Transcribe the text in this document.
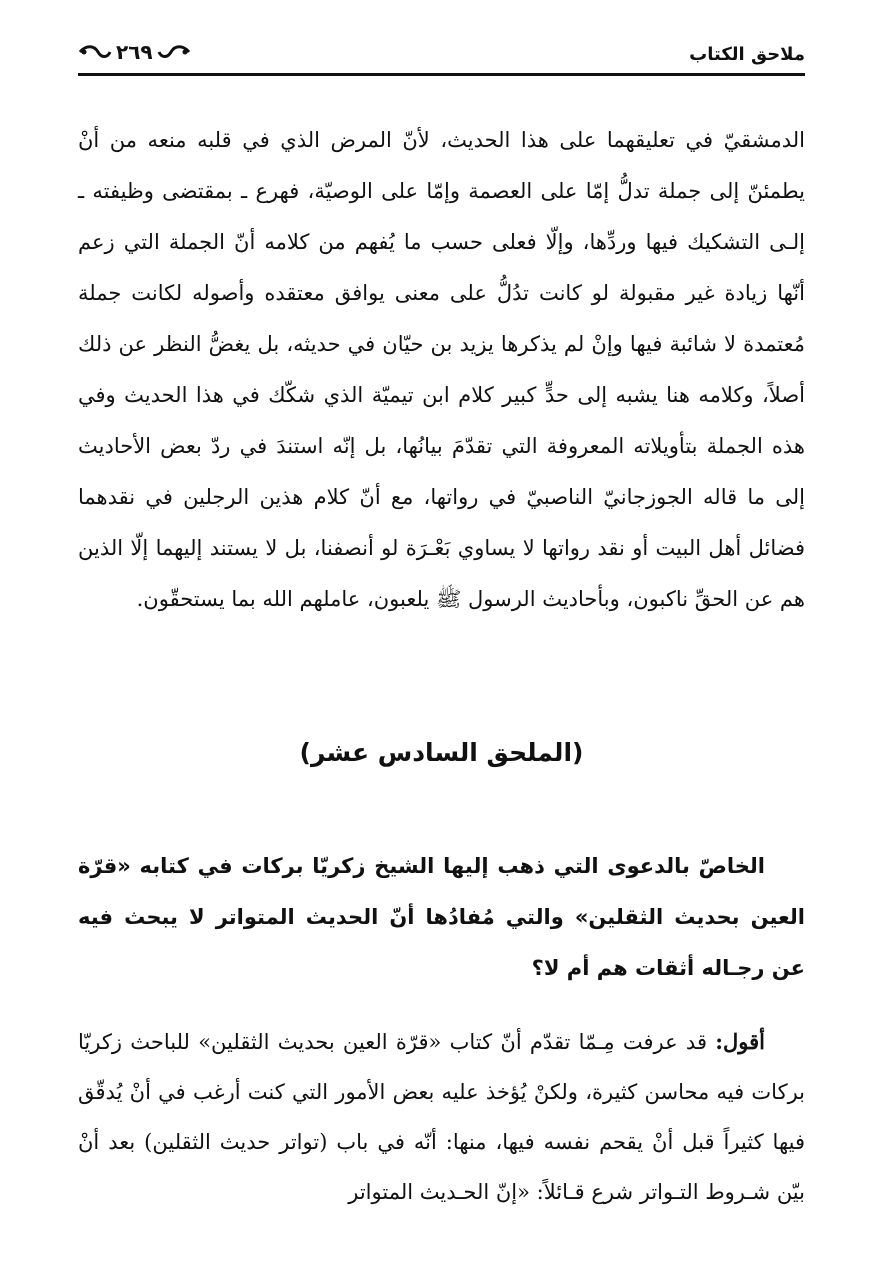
ملاحق الكتاب
٢٦٩

الدمشقيّ في تعليقهما على هذا الحديث، لأنّ المرض الذي في قلبه منعه من أنْ يطمئنّ إلى جملة تدلُّ إمّا على العصمة وإمّا على الوصيّة، فهرع ـ بمقتضى وظيفته ـ إلـى التشكيك فيها وردِّها، وإلّا فعلى حسب ما يُفهم من كلامه أنّ الجملة التي زعم أنّها زيادة غير مقبولة لو كانت تدُلُّ على معنى يوافق معتقده وأصوله لكانت جملة مُعتمدة لا شائبة فيها وإنْ لم يذكرها يزيد بن حيّان في حديثه، بل يغضُّ النظر عن ذلك أصلاً، وكلامه هنا يشبه إلى حدٍّ كبير كلام ابن تيميّة الذي شكّك في هذا الحديث وفي هذه الجملة بتأويلاته المعروفة التي تقدّمَ بيانُها، بل إنّه استندَ في ردّ بعض الأحاديث إلى ما قاله الجوزجانيّ الناصبيّ في رواتها، مع أنّ كلام هذين الرجلين في نقدهما فضائل أهل البيت أو نقد رواتها لا يساوي بَعْـرَة لو أنصفنا، بل لا يستند إليهما إلّا الذين هم عن الحقِّ ناكبون، وبأحاديث الرسول ﷺ يلعبون، عاملهم الله بما يستحقّون.

(الملحق السادس عشر)

الخاصّ بالدعوى التي ذهب إليها الشيخ زكريّا بركات في كتابه «قرّة العين بحديث الثقلين» والتي مُفادُها أنّ الحديث المتواتر لا يبحث فيه عن رجـاله أثقات هم أم لا؟

أقول: قد عرفت مِـمّا تقدّم أنّ كتاب «قرّة العين بحديث الثقلين» للباحث زكريّا بركات فيه محاسن كثيرة، ولكنْ يُؤخذ عليه بعض الأمور التي كنت أرغب في أنْ يُدقّق فيها كثيراً قبل أنْ يقحم نفسه فيها، منها: أنّه في باب (تواتر حديث الثقلين) بعد أنْ بيّن شـروط التـواتر شرع قـائلاً: «إنّ الحـديث المتواتر
